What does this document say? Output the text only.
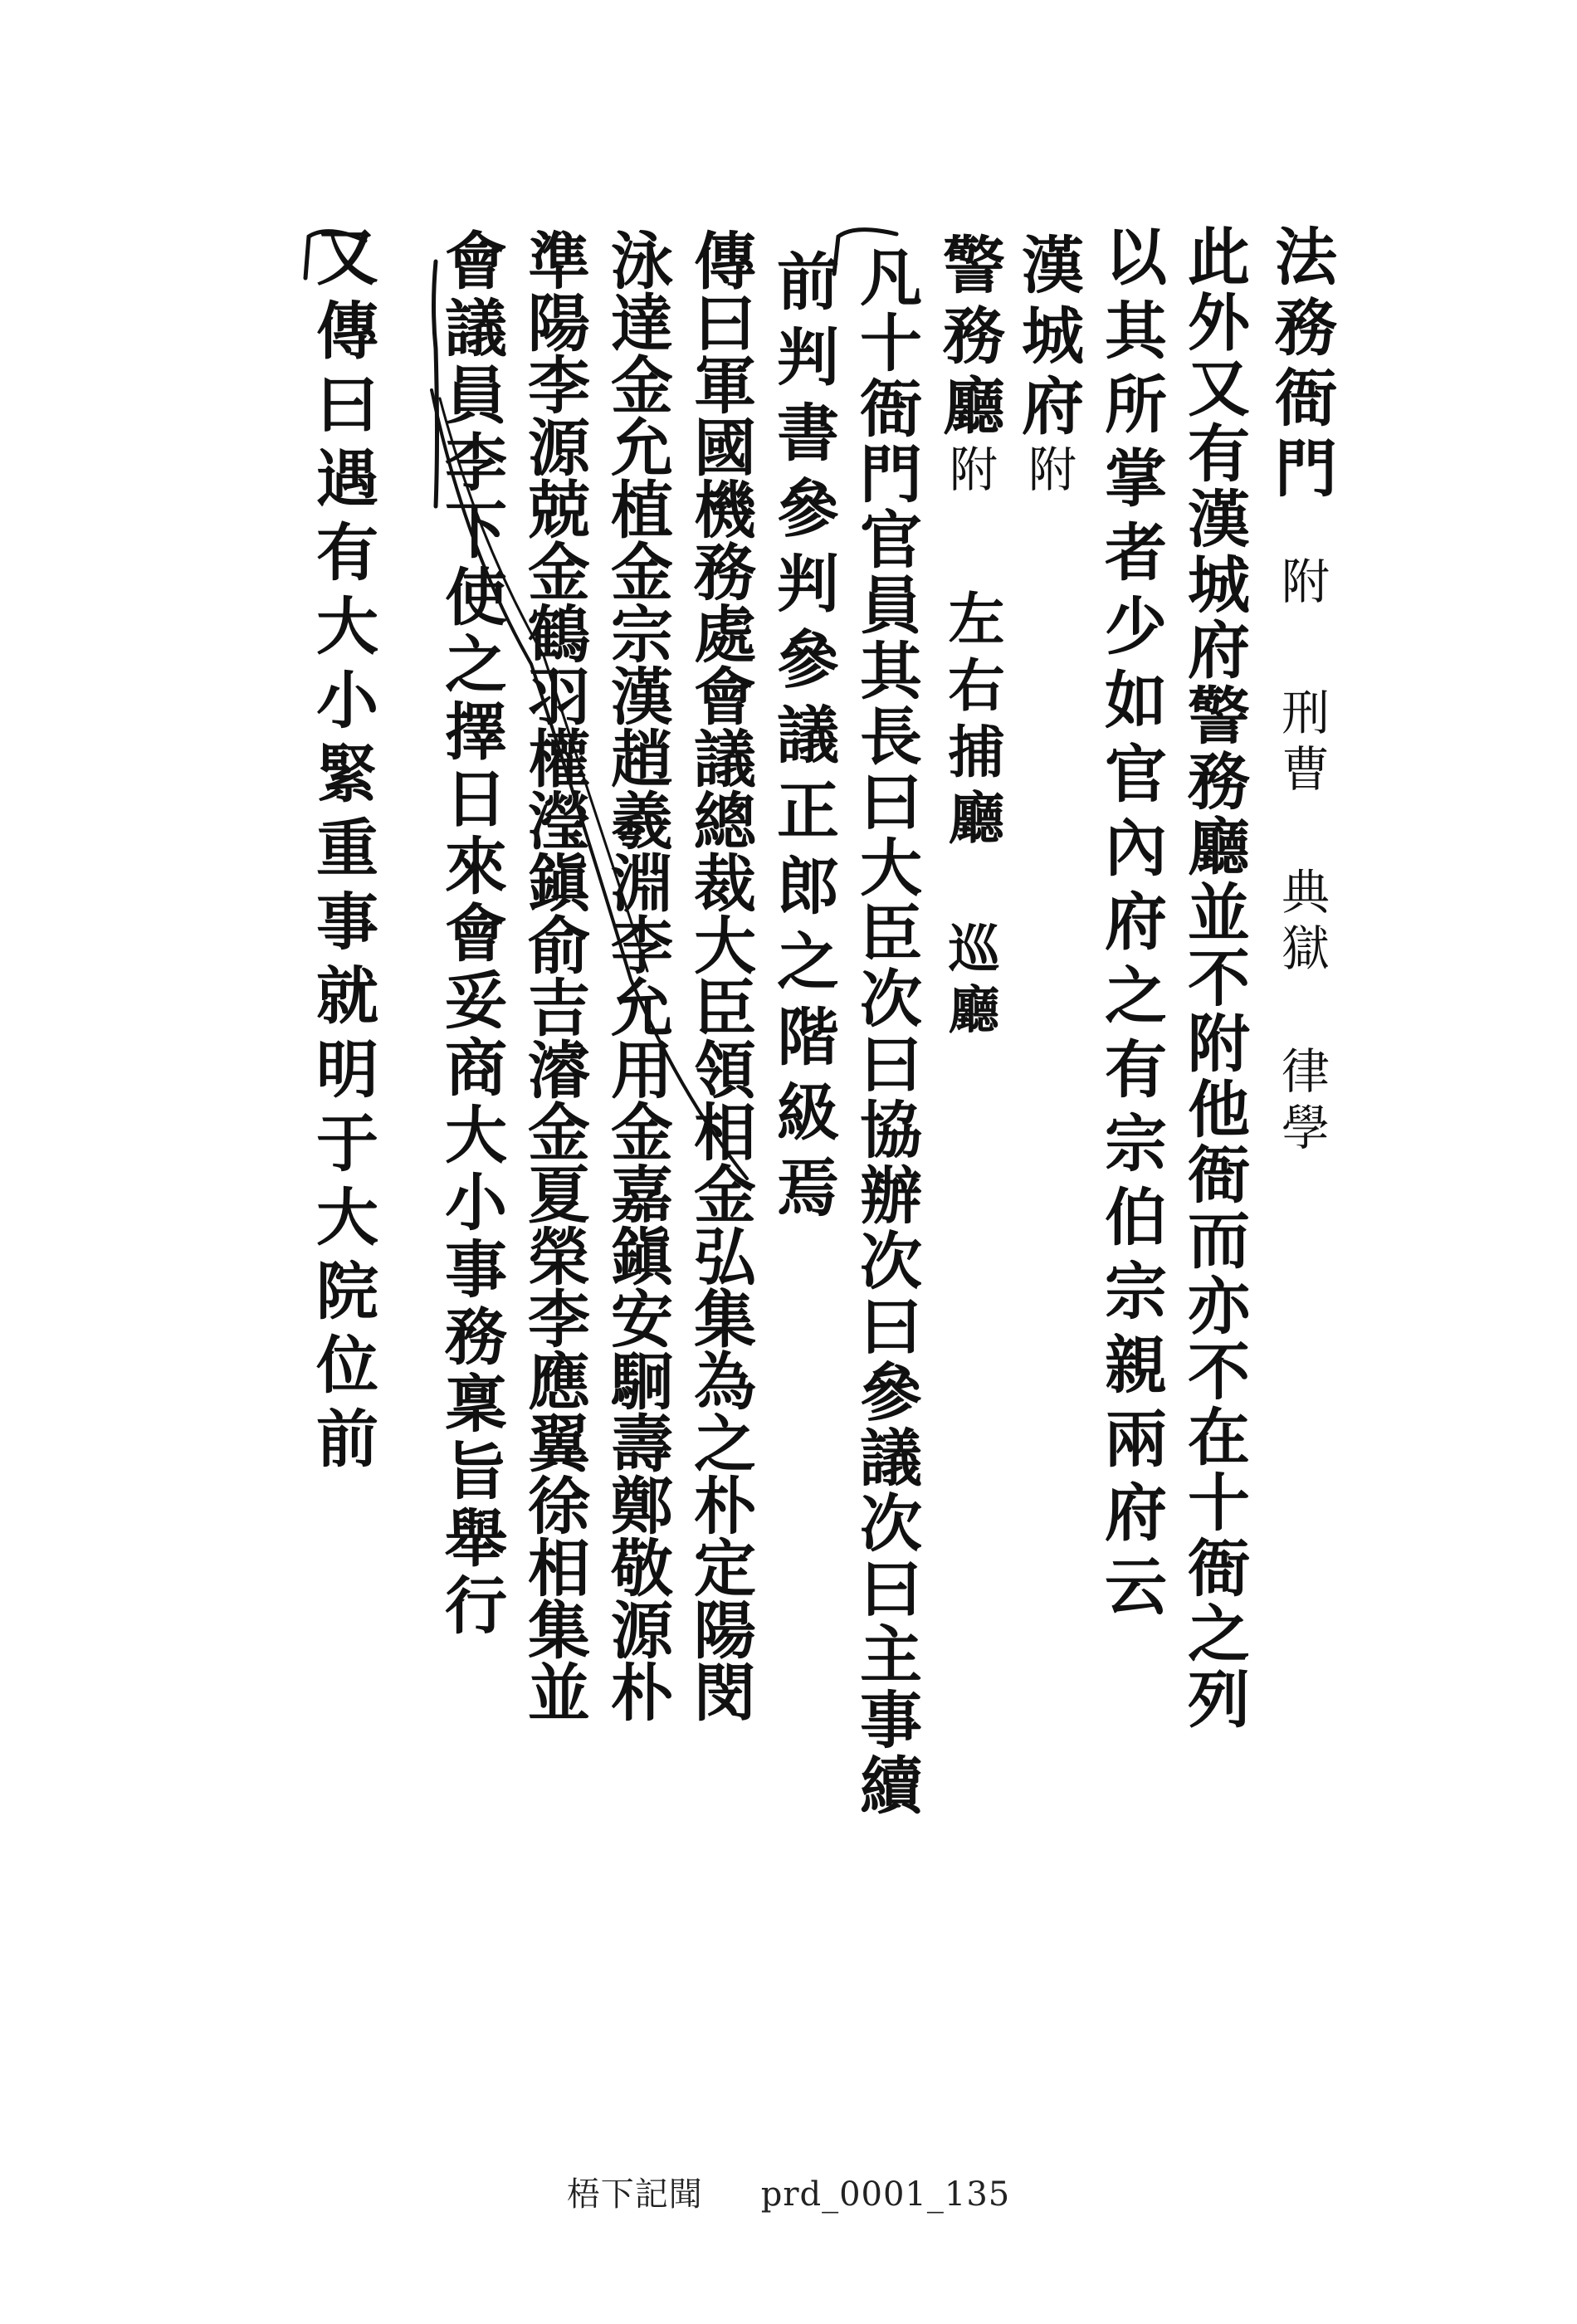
法務衙門附刑曹典獄律學
此外又有漢城府警務廳並不附他衙而亦不在十衙之列
以其所掌者少如官內府之有宗伯宗親兩府云
漢城府附
警務廳附
左右捕廳
巡廳
凡十衙門官員其長曰大臣次曰協辦次曰參議次曰主事續
前判書參判參議正郎之階級焉
傳曰軍國機務處會議總裁大臣領相金弘集為之朴定陽閔
泳達金允植金宗漢趙羲淵李允用金嘉鎭安駉壽鄭敬源朴
準陽李源兢金鶴羽權瀅鎭俞吉濬金夏榮李應翼徐相集並
會議員李下使之擇日來會妥商大小事務稟旨舉行
又傳曰遇有大小緊重事就明于大院位前
梧下記聞 prd_0001_135
